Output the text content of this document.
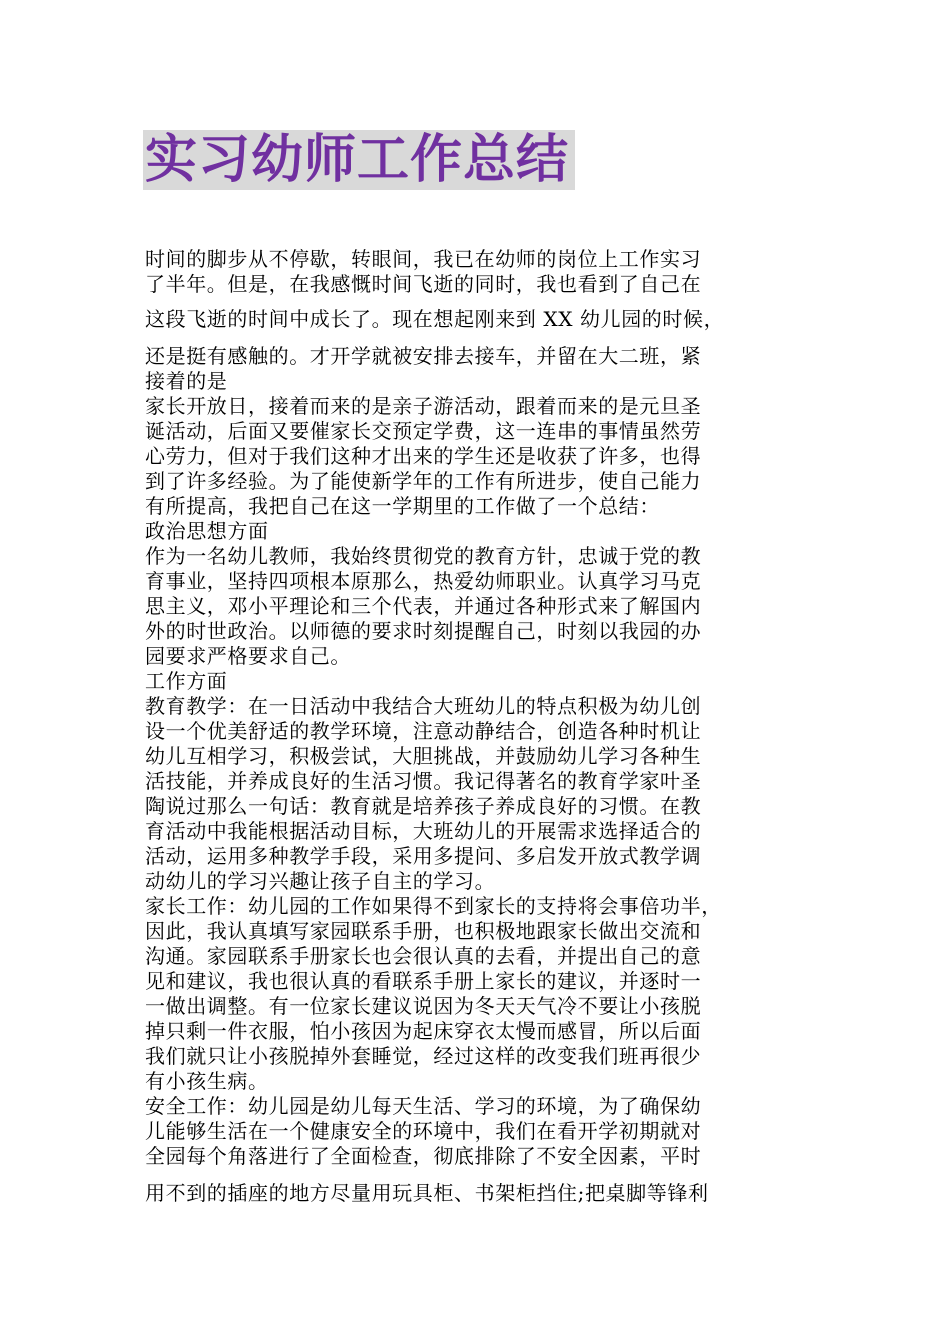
实习幼师工作总结
时间的脚步从不停歇，转眼间，我已在幼师的岗位上工作实习
了半年。但是，在我感慨时间飞逝的同时，我也看到了自己在
这段飞逝的时间中成长了。现在想起刚来到 XX 幼儿园的时候，
还是挺有感触的。才开学就被安排去接车，并留在大二班，紧
接着的是
家长开放日，接着而来的是亲子游活动，跟着而来的是元旦圣
诞活动，后面又要催家长交预定学费，这一连串的事情虽然劳
心劳力，但对于我们这种才出来的学生还是收获了许多，也得
到了许多经验。为了能使新学年的工作有所进步，使自己能力
有所提高，我把自己在这一学期里的工作做了一个总结：
政治思想方面
作为一名幼儿教师，我始终贯彻党的教育方针，忠诚于党的教
育事业，坚持四项根本原那么，热爱幼师职业。认真学习马克
思主义，邓小平理论和三个代表，并通过各种形式来了解国内
外的时世政治。以师德的要求时刻提醒自己，时刻以我园的办
园要求严格要求自己。
工作方面
教育教学：在一日活动中我结合大班幼儿的特点积极为幼儿创
设一个优美舒适的教学环境，注意动静结合，创造各种时机让
幼儿互相学习，积极尝试，大胆挑战，并鼓励幼儿学习各种生
活技能，并养成良好的生活习惯。我记得著名的教育学家叶圣
陶说过那么一句话：教育就是培养孩子养成良好的习惯。在教
育活动中我能根据活动目标，大班幼儿的开展需求选择适合的
活动，运用多种教学手段，采用多提问、多启发开放式教学调
动幼儿的学习兴趣让孩子自主的学习。
家长工作：幼儿园的工作如果得不到家长的支持将会事倍功半，
因此，我认真填写家园联系手册，也积极地跟家长做出交流和
沟通。家园联系手册家长也会很认真的去看，并提出自己的意
见和建议，我也很认真的看联系手册上家长的建议，并逐时一
一做出调整。有一位家长建议说因为冬天天气冷不要让小孩脱
掉只剩一件衣服，怕小孩因为起床穿衣太慢而感冒，所以后面
我们就只让小孩脱掉外套睡觉，经过这样的改变我们班再很少
有小孩生病。
安全工作：幼儿园是幼儿每天生活、学习的环境，为了确保幼
儿能够生活在一个健康安全的环境中，我们在看开学初期就对
全园每个角落进行了全面检查，彻底排除了不安全因素，平时
用不到的插座的地方尽量用玩具柜、书架柜挡住;把桌脚等锋利
